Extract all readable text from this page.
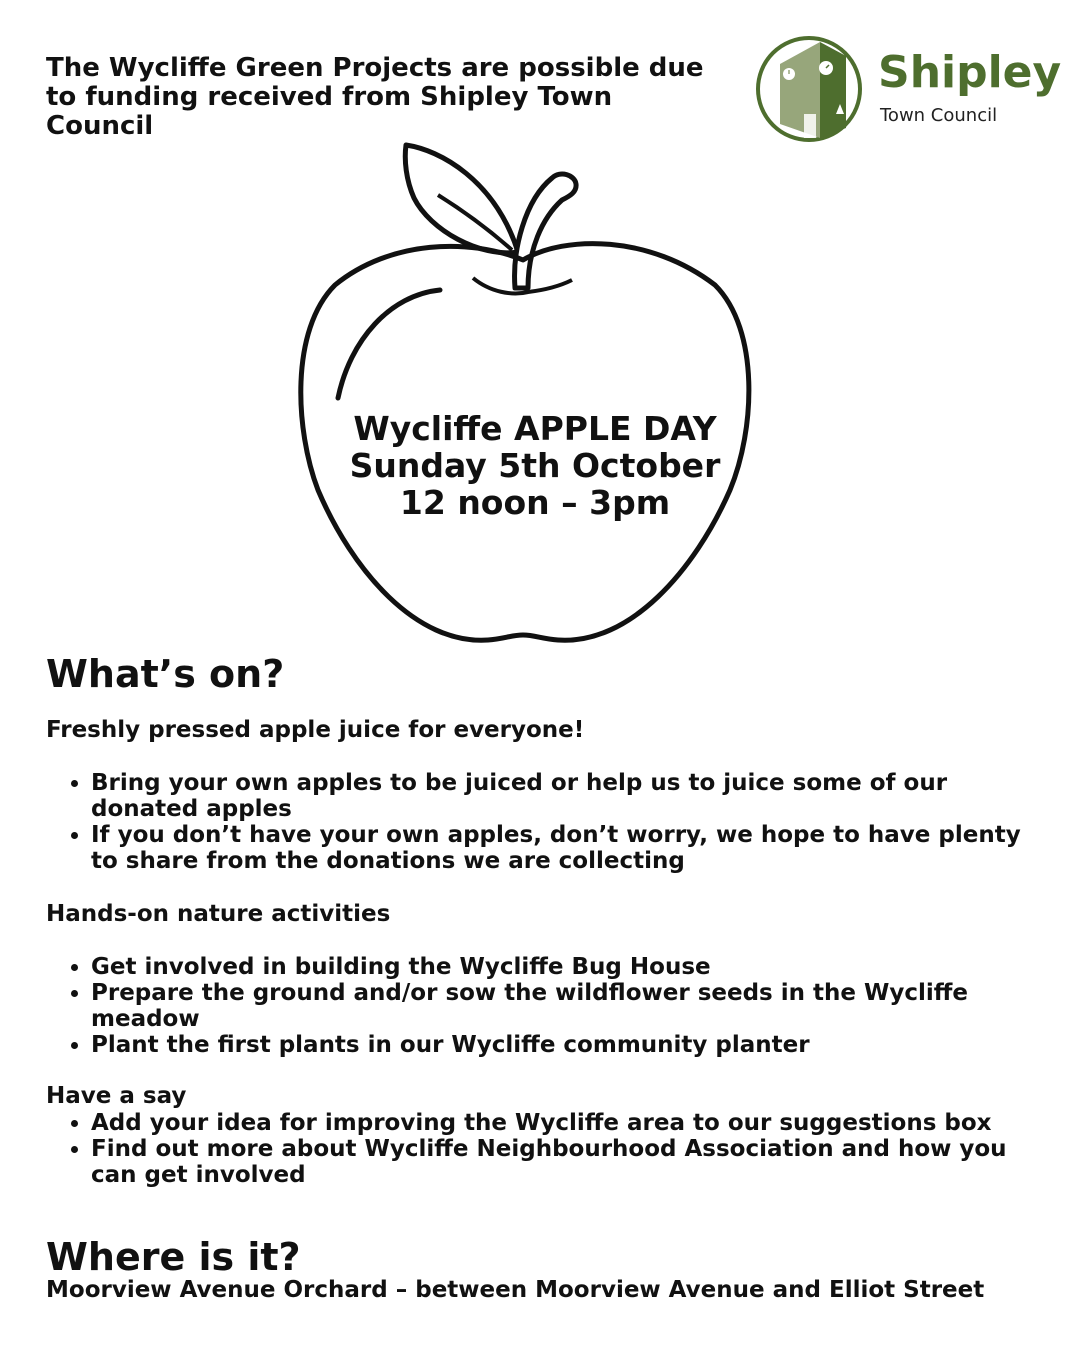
The Wycliffe Green Projects are possible due to funding received from Shipley Town Council

Shipley
Town Council
Wycliffe APPLE DAY
Sunday 5th October
12 noon – 3pm
What’s on?

Freshly pressed apple juice for everyone!

• Bring your own apples to be juiced or help us to juice some of our donated apples
• If you don’t have your own apples, don’t worry, we hope to have plenty to share from the donations we are collecting

Hands-on nature activities

• Get involved in building the Wycliffe Bug House
• Prepare the ground and/or sow the wildflower seeds in the Wycliffe meadow
• Plant the first plants in our Wycliffe community planter

Have a say

• Add your idea for improving the Wycliffe area to our suggestions box
• Find out more about Wycliffe Neighbourhood Association and how you can get involved
Where is it?

Moorview Avenue Orchard – between Moorview Avenue and Elliot Street
